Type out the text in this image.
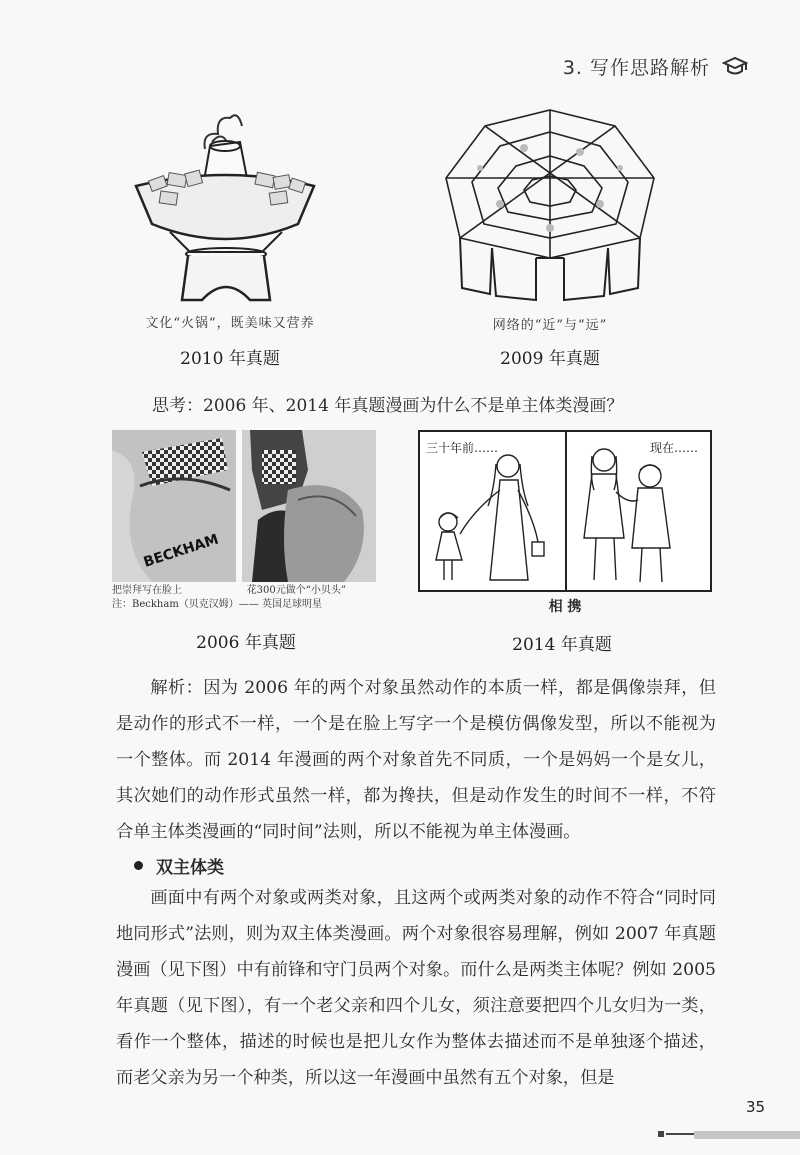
3. 写作思路解析
文化“火锅”，既美味又营养
2010 年真题
网络的“近”与“远”
2009 年真题
思考：2006 年、2014 年真题漫画为什么不是单主体类漫画？
BECKHAM
把崇拜写在脸上	花300元做个“小贝头”
注：Beckham（贝克汉姆）—— 英国足球明星
2006 年真题
三十年前……	现在……
相 携
2014 年真题

解析：因为 2006 年的两个对象虽然动作的本质一样，都是偶像崇拜，但是动作的形式不一样，一个是在脸上写字一个是模仿偶像发型，所以不能视为一个整体。而 2014 年漫画的两个对象首先不同质，一个是妈妈一个是女儿，其次她们的动作形式虽然一样，都为搀扶，但是动作发生的时间不一样，不符合单主体类漫画的“同时间”法则，所以不能视为单主体漫画。

双主体类

画面中有两个对象或两类对象，且这两个或两类对象的动作不符合“同时同地同形式”法则，则为双主体类漫画。两个对象很容易理解，例如 2007 年真题漫画（见下图）中有前锋和守门员两个对象。而什么是两类主体呢？例如 2005 年真题（见下图），有一个老父亲和四个儿女，须注意要把四个儿女归为一类，看作一个整体，描述的时候也是把儿女作为整体去描述而不是单独逐个描述，而老父亲为另一个种类，所以这一年漫画中虽然有五个对象，但是

35
